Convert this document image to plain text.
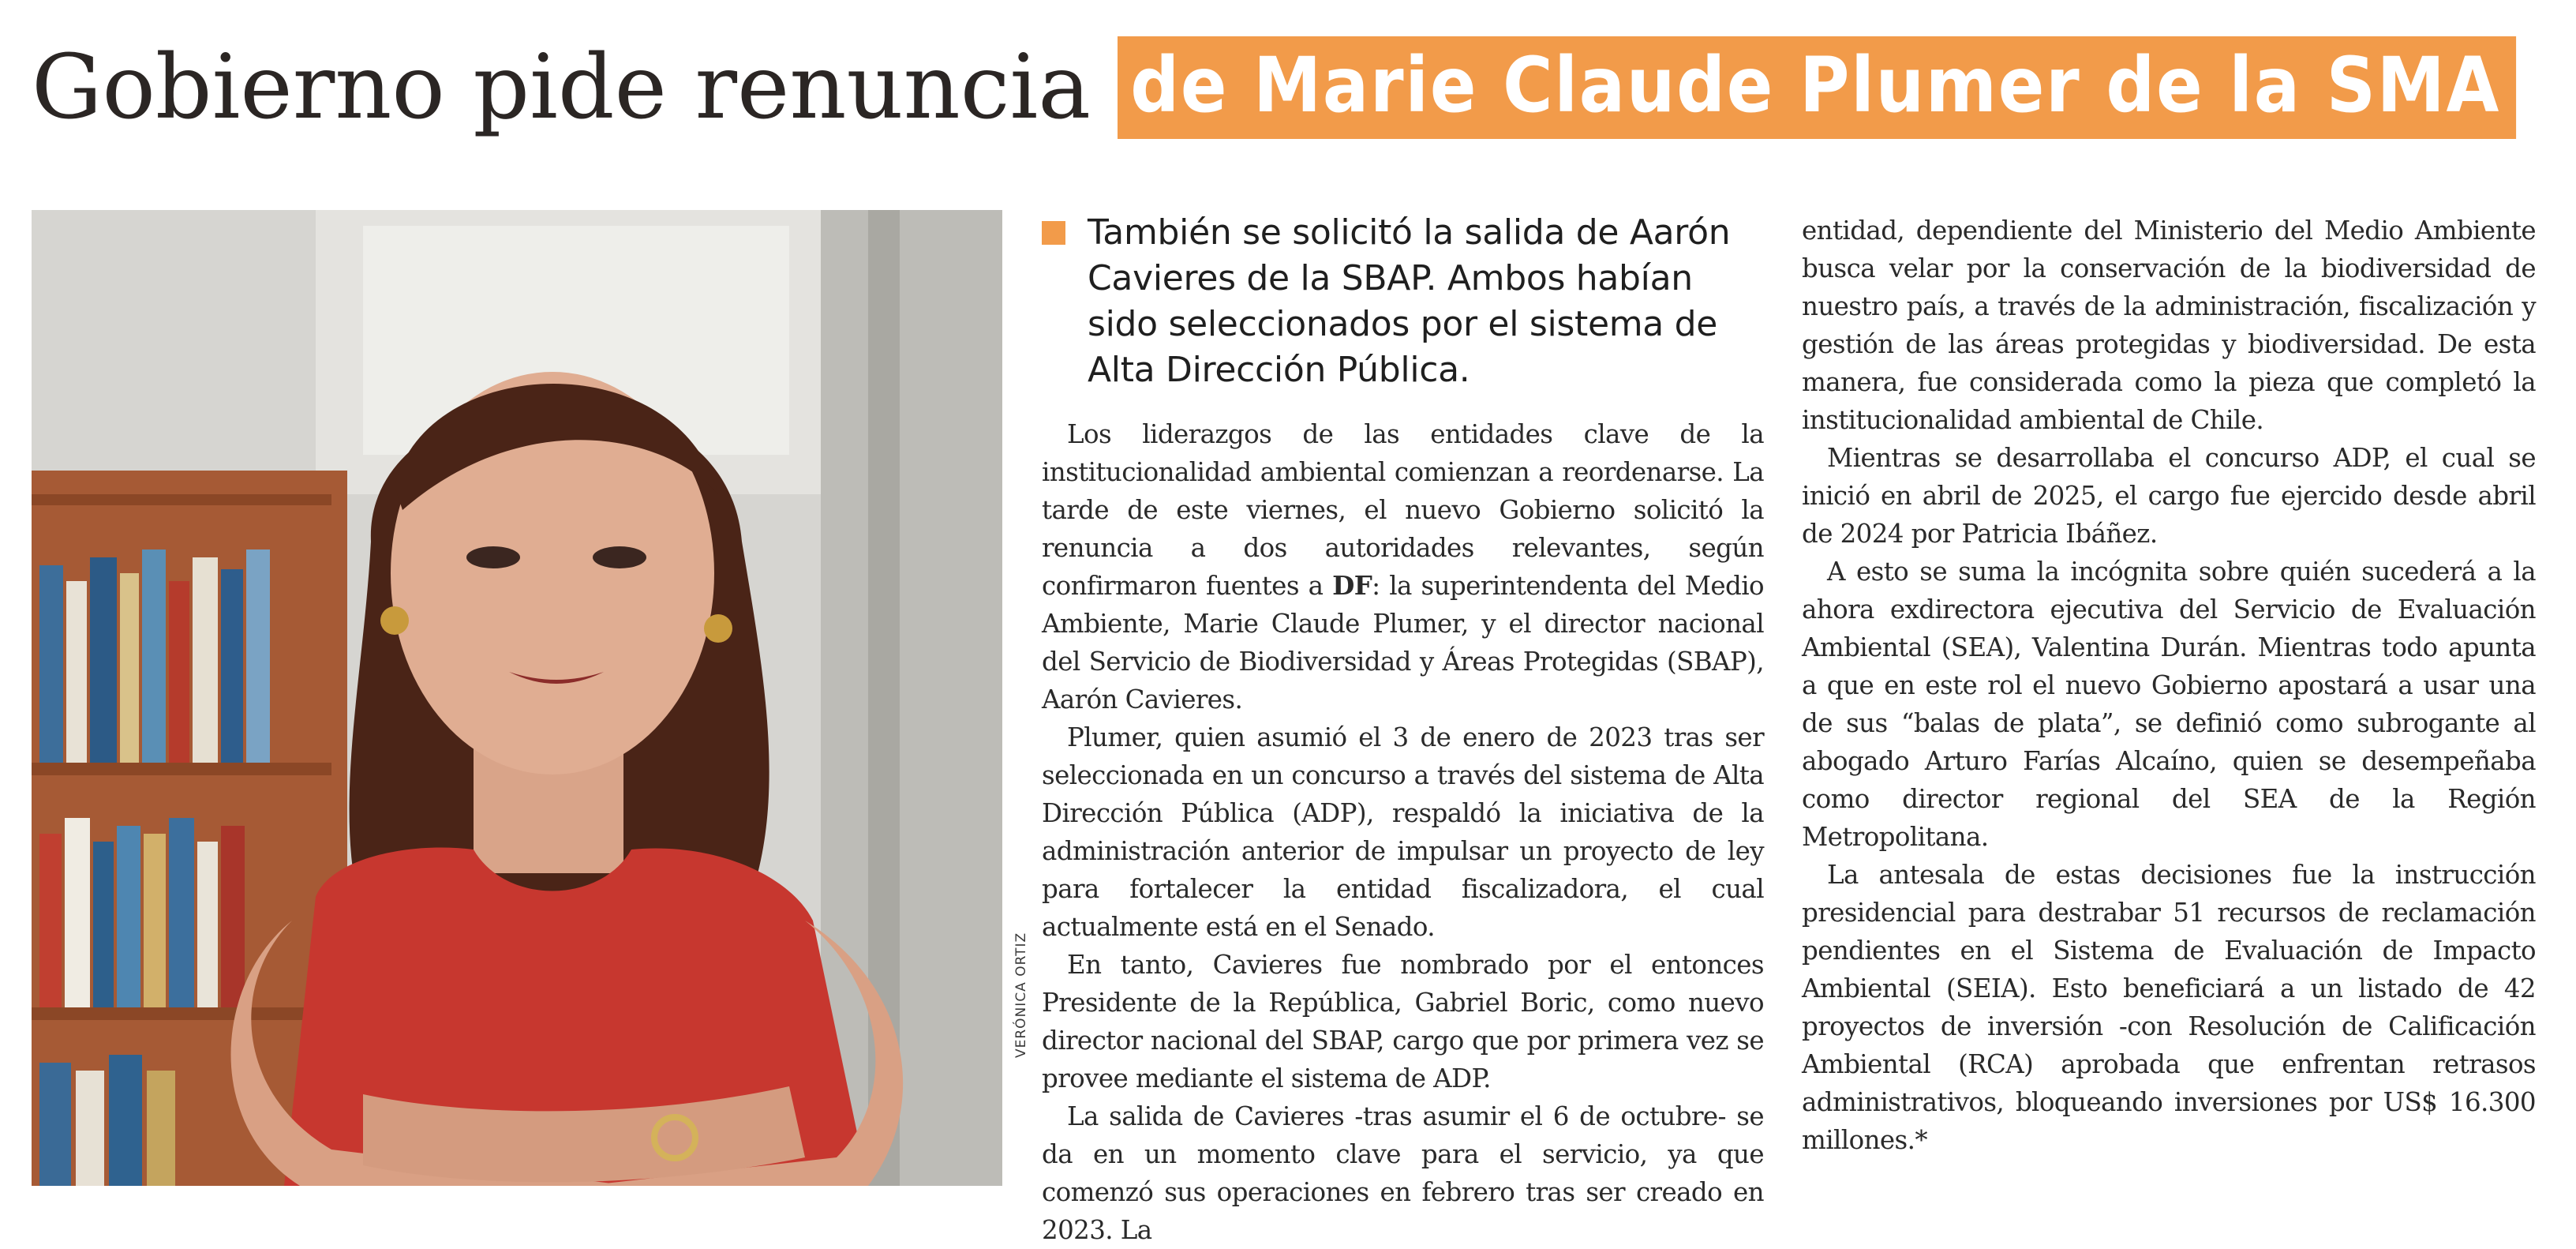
Gobierno pide renuncia de Marie Claude Plumer de la SMA
VERÓNICA ORTIZ

También se solicitó la salida de Aarón Cavieres de la SBAP. Ambos habían sido seleccionados por el sistema de Alta Dirección Pública.

Los liderazgos de las entidades clave de la institucionalidad ambiental comienzan a reordenarse. La tarde de este viernes, el nuevo Gobierno solicitó la renuncia a dos autoridades relevantes, según confirmaron fuentes a DF: la superintendenta del Medio Ambiente, Marie Claude Plumer, y el director nacional del Servicio de Biodiversidad y Áreas Protegidas (SBAP), Aarón Cavieres.

Plumer, quien asumió el 3 de enero de 2023 tras ser seleccionada en un concurso a través del sistema de Alta Dirección Pública (ADP), respaldó la iniciativa de la administración anterior de impulsar un proyecto de ley para fortalecer la entidad fiscalizadora, el cual actualmente está en el Senado.

En tanto, Cavieres fue nombrado por el entonces Presidente de la República, Gabriel Boric, como nuevo director nacional del SBAP, cargo que por primera vez se provee mediante el sistema de ADP.

La salida de Cavieres -tras asumir el 6 de octubre- se da en un momento clave para el servicio, ya que comenzó sus operaciones en febrero tras ser creado en 2023. La

entidad, dependiente del Ministerio del Medio Ambiente busca velar por la conservación de la biodiversidad de nuestro país, a través de la administración, fiscalización y gestión de las áreas protegidas y biodiversidad. De esta manera, fue considerada como la pieza que completó la institucionalidad ambiental de Chile.

Mientras se desarrollaba el concurso ADP, el cual se inició en abril de 2025, el cargo fue ejercido desde abril de 2024 por Patricia Ibáñez.

A esto se suma la incógnita sobre quién sucederá a la ahora exdirectora ejecutiva del Servicio de Evaluación Ambiental (SEA), Valentina Durán. Mientras todo apunta a que en este rol el nuevo Gobierno apostará a usar una de sus “balas de plata”, se definió como subrogante al abogado Arturo Farías Alcaíno, quien se desempeñaba como director regional del SEA de la Región Metropolitana.

La antesala de estas decisiones fue la instrucción presidencial para destrabar 51 recursos de reclamación pendientes en el Sistema de Evaluación de Impacto Ambiental (SEIA). Esto beneficiará a un listado de 42 proyectos de inversión -con Resolución de Calificación Ambiental (RCA) aprobada que enfrentan retrasos administrativos, bloqueando inversiones por US$ 16.300 millones.*
